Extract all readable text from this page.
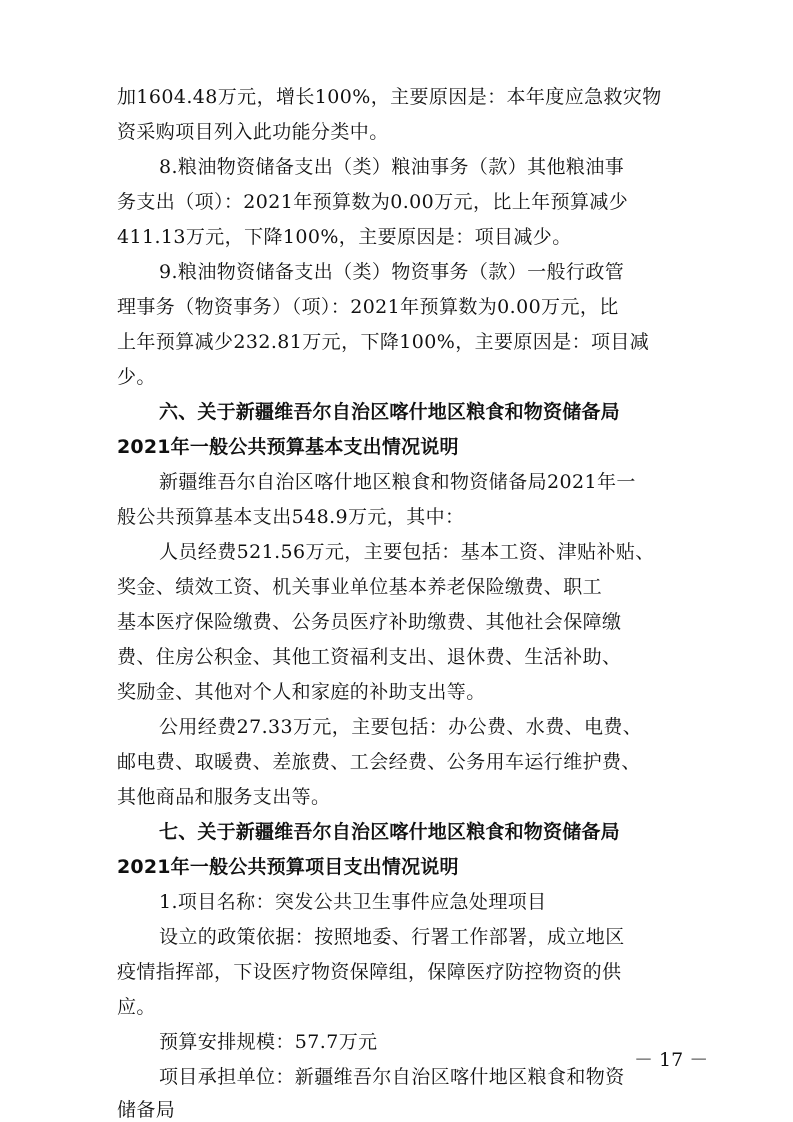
加1604.48万元，增长100%，主要原因是：本年度应急救灾物
资采购项目列入此功能分类中。
8.粮油物资储备支出（类）粮油事务（款）其他粮油事
务支出（项）：2021年预算数为0.00万元，比上年预算减少
411.13万元，下降100%，主要原因是：项目减少。
9.粮油物资储备支出（类）物资事务（款）一般行政管
理事务（物资事务）（项）：2021年预算数为0.00万元，比
上年预算减少232.81万元，下降100%，主要原因是：项目减
少。
六、关于新疆维吾尔自治区喀什地区粮食和物资储备局
2021年一般公共预算基本支出情况说明
新疆维吾尔自治区喀什地区粮食和物资储备局2021年一
般公共预算基本支出548.9万元，其中：
人员经费521.56万元，主要包括：基本工资、津贴补贴、
奖金、绩效工资、机关事业单位基本养老保险缴费、职工
基本医疗保险缴费、公务员医疗补助缴费、其他社会保障缴
费、住房公积金、其他工资福利支出、退休费、生活补助、
奖励金、其他对个人和家庭的补助支出等。
公用经费27.33万元，主要包括：办公费、水费、电费、
邮电费、取暖费、差旅费、工会经费、公务用车运行维护费、
其他商品和服务支出等。
七、关于新疆维吾尔自治区喀什地区粮食和物资储备局
2021年一般公共预算项目支出情况说明
1.项目名称：突发公共卫生事件应急处理项目
设立的政策依据：按照地委、行署工作部署，成立地区
疫情指挥部，下设医疗物资保障组，保障医疗防控物资的供
应。
预算安排规模：57.7万元
项目承担单位：新疆维吾尔自治区喀什地区粮食和物资
储备局
－ 17 －
